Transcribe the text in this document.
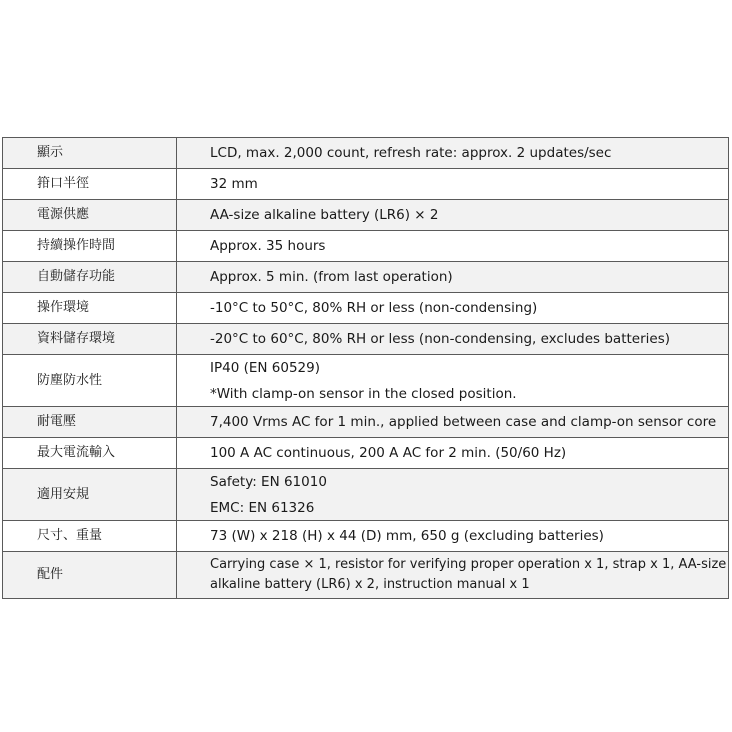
顯示	LCD, max. 2,000 count, refresh rate: approx. 2 updates/sec

箝口半徑	32 mm

電源供應	AA-size alkaline battery (LR6) × 2

持續操作時間	Approx. 35 hours

自動儲存功能	Approx. 5 min. (from last operation)

操作環境	-10°C to 50°C, 80% RH or less (non-condensing)

資料儲存環境	-20°C to 60°C, 80% RH or less (non-condensing, excludes batteries)

防塵防水性	IP40 (EN 60529)
*With clamp-on sensor in the closed position.

耐電壓	7,400 Vrms AC for 1 min., applied between case and clamp-on sensor core

最大電流輸入	100 A AC continuous, 200 A AC for 2 min. (50/60 Hz)

適用安規	Safety: EN 61010
EMC: EN 61326

尺寸、重量	73 (W) x 218 (H) x 44 (D) mm, 650 g (excluding batteries)

配件	Carrying case × 1, resistor for verifying proper operation x 1, strap x 1, AA-size
alkaline battery (LR6) x 2, instruction manual x 1
